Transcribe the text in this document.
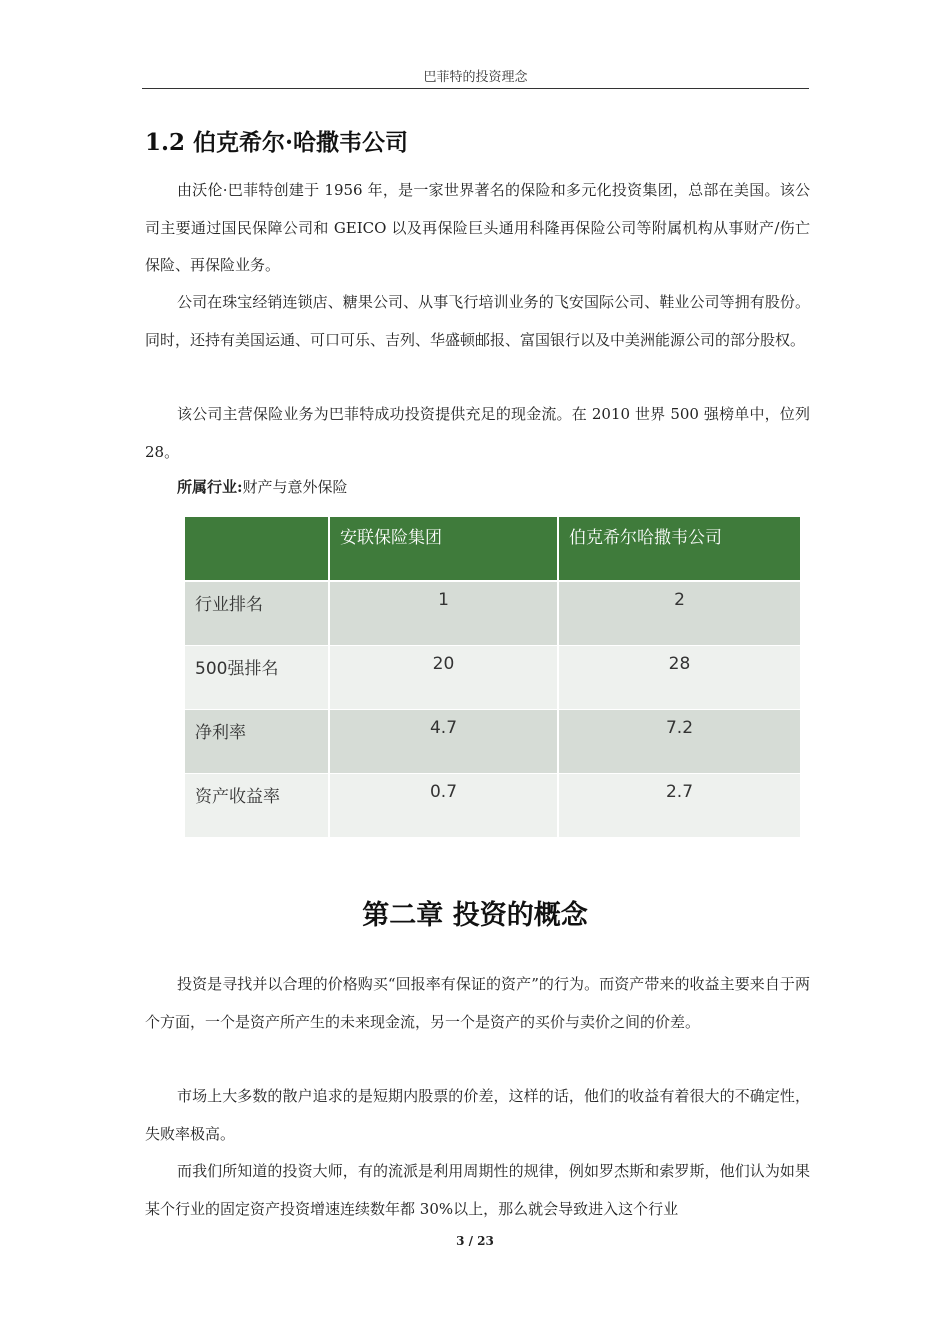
巴菲特的投资理念
1.2 伯克希尔·哈撒韦公司

由沃伦·巴菲特创建于 1956 年，是一家世界著名的保险和多元化投资集团，总部在美国。该公司主要通过国民保障公司和 GEICO 以及再保险巨头通用科隆再保险公司等附属机构从事财产/伤亡保险、再保险业务。

公司在珠宝经销连锁店、糖果公司、从事飞行培训业务的飞安国际公司、鞋业公司等拥有股份。同时，还持有美国运通、可口可乐、吉列、华盛顿邮报、富国银行以及中美洲能源公司的部分股权。

该公司主营保险业务为巴菲特成功投资提供充足的现金流。在 2010 世界 500 强榜单中，位列 28。

所属行业:财产与意外保险
	安联保险集团	伯克希尔哈撒韦公司
行业排名	1	2
500强排名	20	28
净利率	4.7	7.2
资产收益率	0.7	2.7
第二章 投资的概念

投资是寻找并以合理的价格购买“回报率有保证的资产”的行为。而资产带来的收益主要来自于两个方面，一个是资产所产生的未来现金流，另一个是资产的买价与卖价之间的价差。

市场上大多数的散户追求的是短期内股票的价差，这样的话，他们的收益有着很大的不确定性，失败率极高。

而我们所知道的投资大师，有的流派是利用周期性的规律，例如罗杰斯和索罗斯，他们认为如果某个行业的固定资产投资增速连续数年都 30%以上，那么就会导致进入这个行业

3 / 23
